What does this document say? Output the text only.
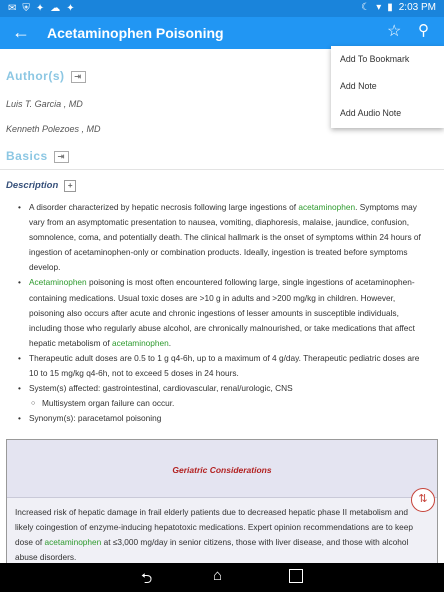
✉ ⛨ ✦ ☁ ✦	☾ ▾ ▮ 2:03 PM
← Acetaminophen Poisoning	☆ ⚲
Author(s) ⇥
Luis T. Garcia , MD
Kenneth Polezoes , MD
Basics ⇥
Description +
• A disorder characterized by hepatic necrosis following large ingestions of acetaminophen. Symptoms may vary from an asymptomatic presentation to nausea, vomiting, diaphoresis, malaise, jaundice, confusion, somnolence, coma, and potentially death. The clinical hallmark is the onset of symptoms within 24 hours of ingestion of acetaminophen-only or combination products. Ideally, ingestion is treated before symptoms develop.
• Acetaminophen poisoning is most often encountered following large, single ingestions of acetaminophen-containing medications. Usual toxic doses are >10 g in adults and >200 mg/kg in children. However, poisoning also occurs after acute and chronic ingestions of lesser amounts in susceptible individuals, including those who regularly abuse alcohol, are chronically malnourished, or take medications that affect hepatic metabolism of acetaminophen.
• Therapeutic adult doses are 0.5 to 1 g q4-6h, up to a maximum of 4 g/day. Therapeutic pediatric doses are 10 to 15 mg/kg q4-6h, not to exceed 5 doses in 24 hours.
• System(s) affected: gastrointestinal, cardiovascular, renal/urologic, CNS
○ Multisystem organ failure can occur.
• Synonym(s): paracetamol poisoning
Geriatric Considerations
Increased risk of hepatic damage in frail elderly patients due to decreased hepatic phase II metabolism and likely coingestion of enzyme-inducing hepatotoxic medications. Expert opinion recommendations are to keep dose of acetaminophen at ≤3,000 mg/day in senior citizens, those with liver disease, and those with alcohol abuse disorders.
⇅
Add To Bookmark
Add Note
Add Audio Note
⮌	⌂
